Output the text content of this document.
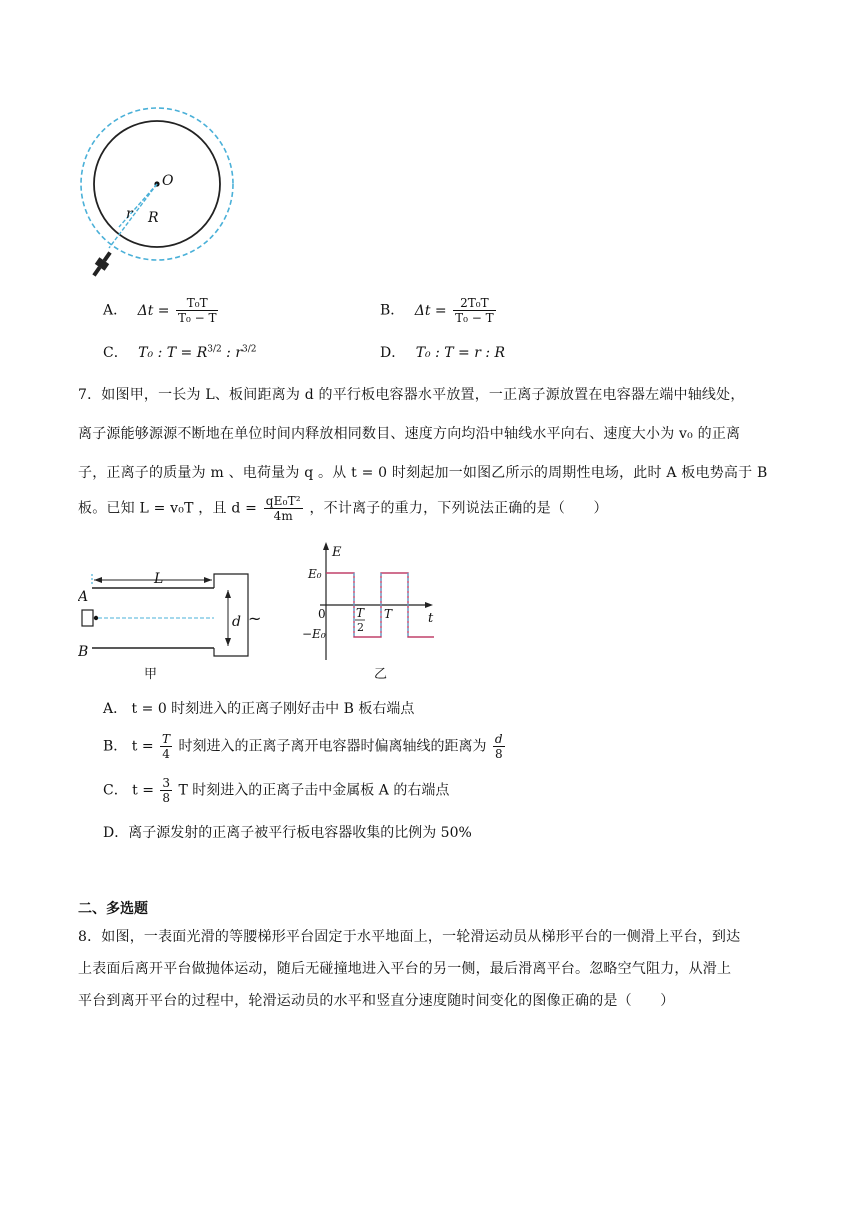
O
r R
A． $\Delta t = \frac{\text{T₀T}}{\text{T₀ − T}}$	B． $\Delta t = \frac{\text{2T₀T}}{\text{T₀ − T}}$
C． T₀ : $T = R^{3/2}$ : $r^{3/2}$	D． T₀ : T = r : R
7．如图甲，一长为 L、板间距离为 d 的平行板电容器水平放置，一正离子源放置在电容器左端中轴线处，
离子源能够源源不断地在单位时间内释放相同数目、速度方向均沿中轴线水平向右、速度大小为 v₀ 的正离
子，正离子的质量为 m 、电荷量为 q 。从 t = 0 时刻起加一如图乙所示的周期性电场，此时 A 板电势高于 B
板。已知 L = v₀T ，且 $d = \frac{\text{qE₀T²}}{4m}$ ，不计离子的重力，下列说法正确的是（　　）
L
d ~
A
B
甲
E
E₀
−E₀
0	T
2
T	t
乙
A． t = 0 时刻进入的正离子刚好击中 B 板右端点
B． $t = \frac{T}{4}$ 时刻进入的正离子离开电容器时偏离轴线的距离为 $\frac{d}{8}$
C． $t = \frac{3}{8}$ T 时刻进入的正离子击中金属板 A 的右端点
D．离子源发射的正离子被平行板电容器收集的比例为 50%
二、多选题
8．如图，一表面光滑的等腰梯形平台固定于水平地面上，一轮滑运动员从梯形平台的一侧滑上平台，到达
上表面后离开平台做抛体运动，随后无碰撞地进入平台的另一侧，最后滑离平台。忽略空气阻力，从滑上
平台到离开平台的过程中，轮滑运动员的水平和竖直分速度随时间变化的图像正确的是（　　）
